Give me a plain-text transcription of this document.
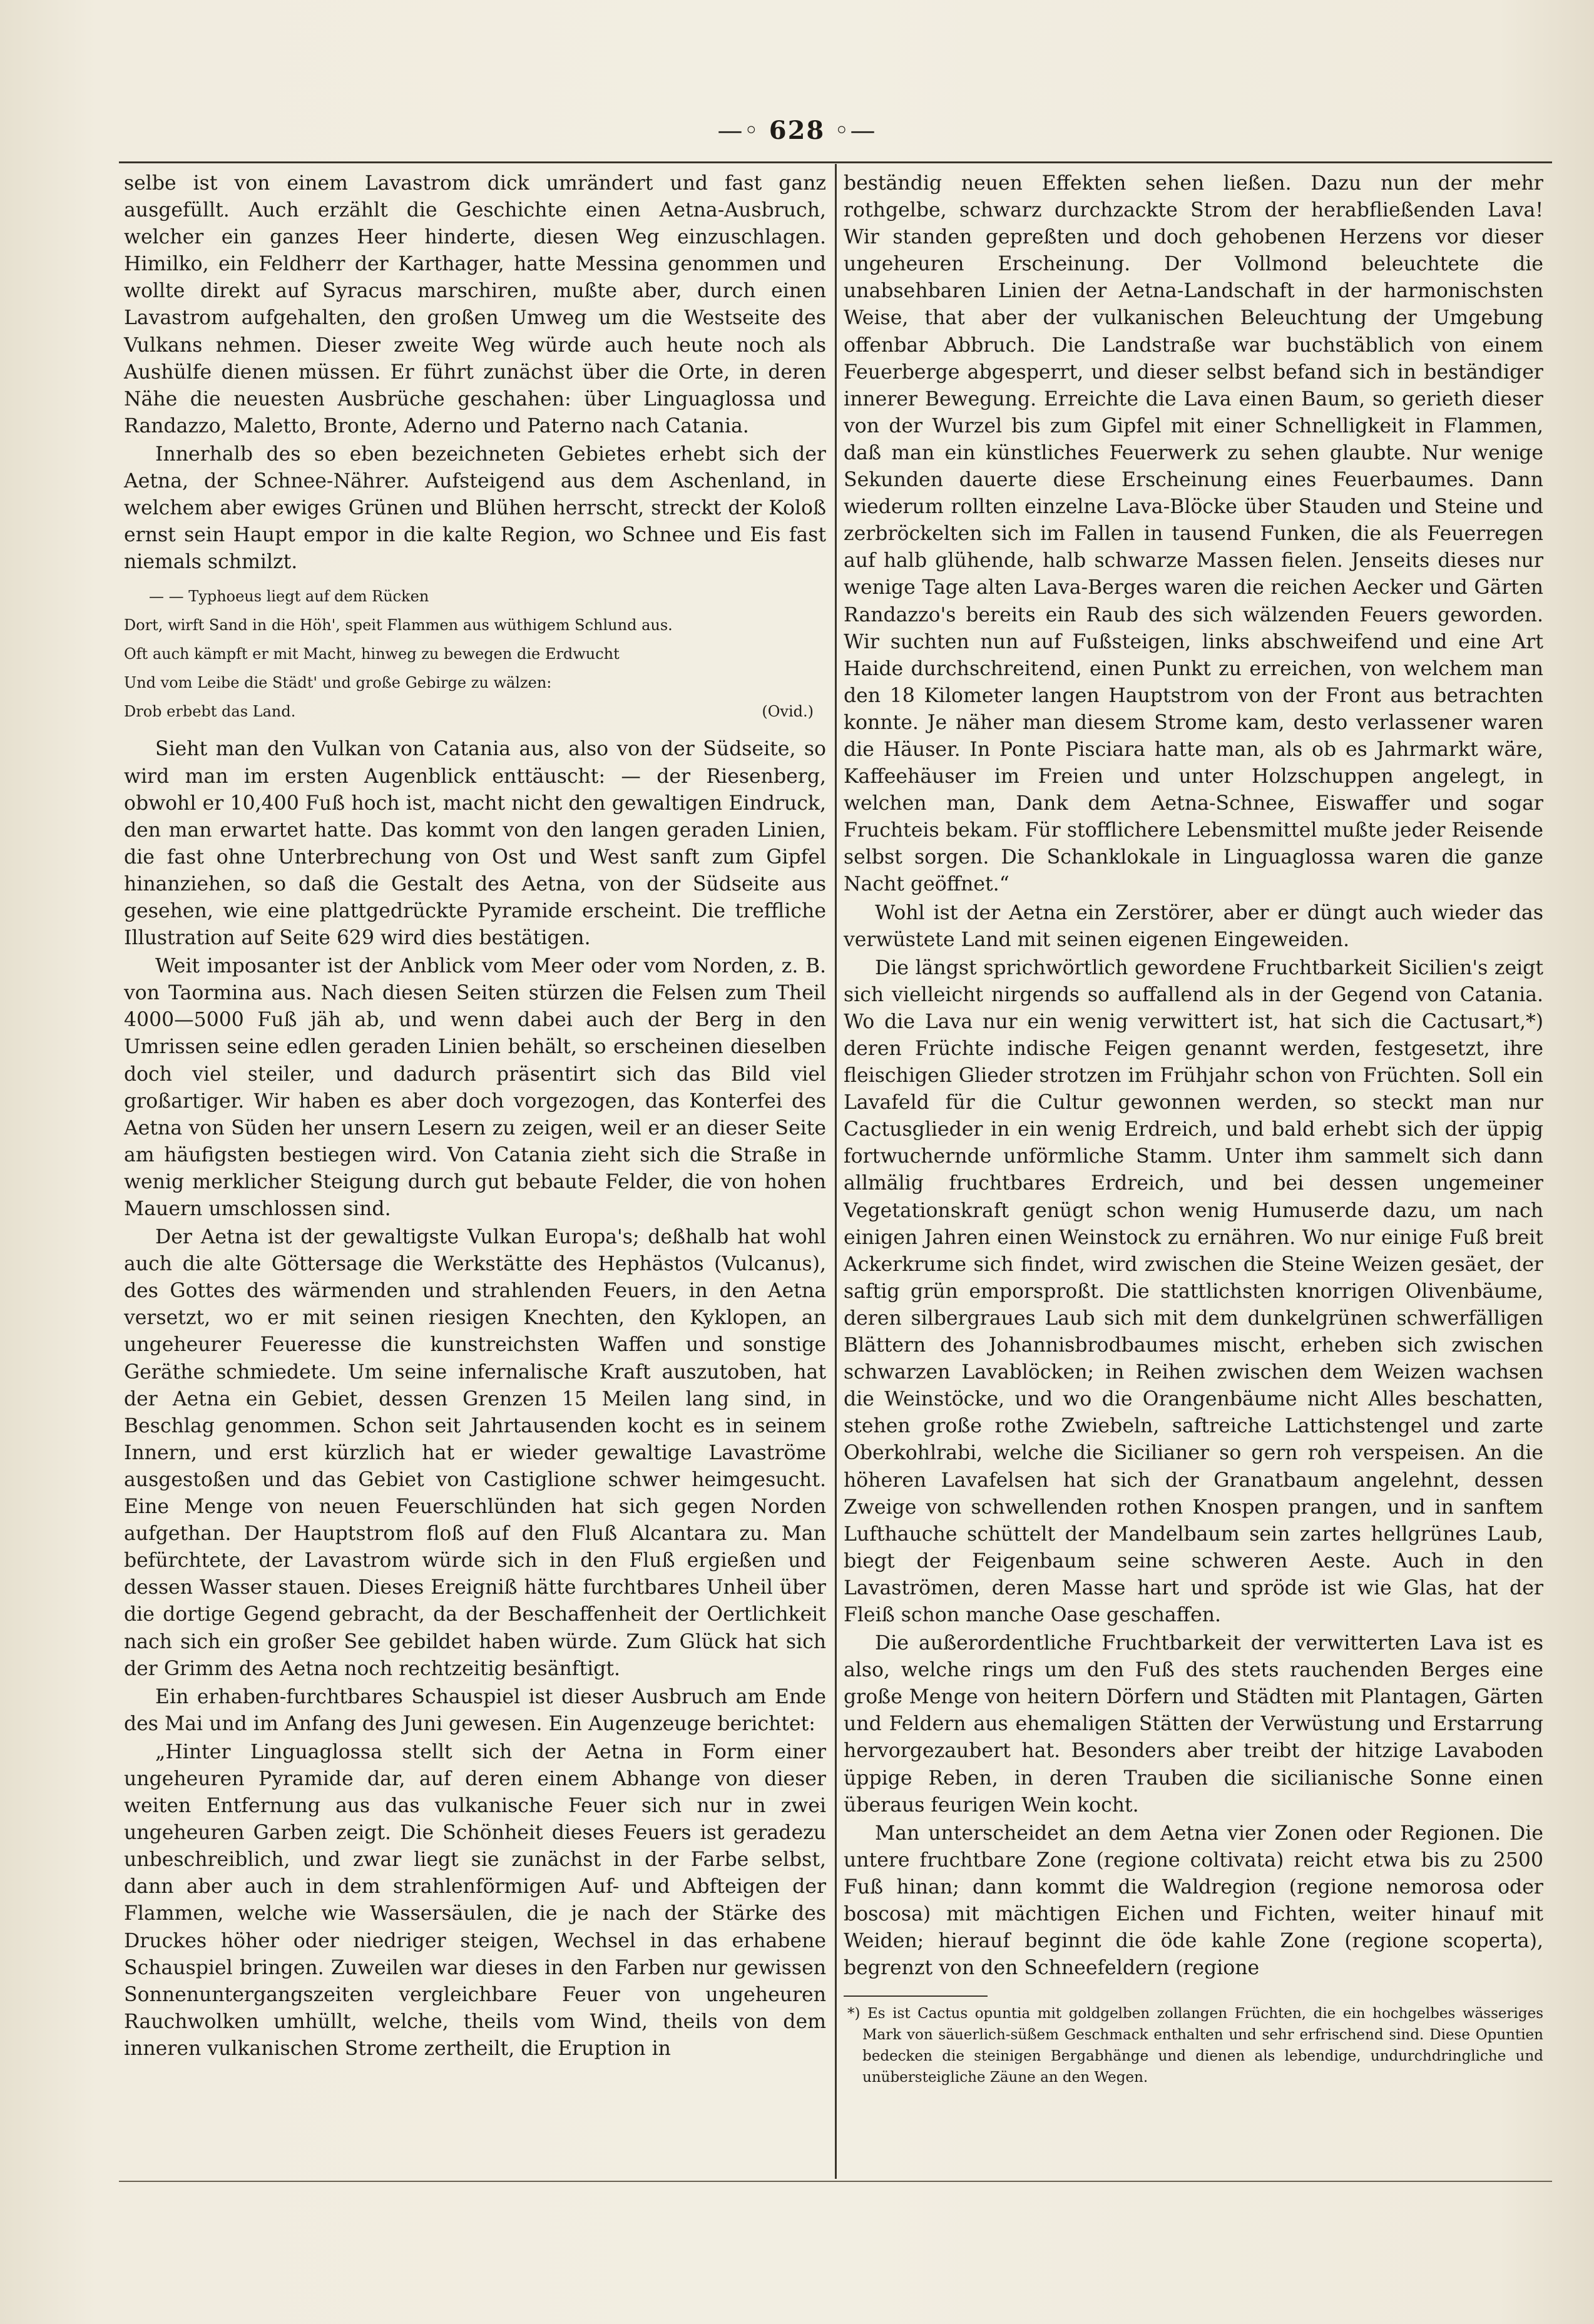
—◦ 628 ◦—

selbe ist von einem Lavastrom dick umrändert und fast ganz ausgefüllt. Auch erzählt die Geschichte einen Aetna-Ausbruch, welcher ein ganzes Heer hinderte, diesen Weg einzuschlagen. Himilko, ein Feldherr der Karthager, hatte Messina genommen und wollte direkt auf Syracus marschiren, mußte aber, durch einen Lavastrom aufgehalten, den großen Umweg um die Westseite des Vulkans nehmen. Dieser zweite Weg würde auch heute noch als Aushülfe dienen müssen. Er führt zunächst über die Orte, in deren Nähe die neuesten Ausbrüche geschahen: über Linguaglossa und Randazzo, Maletto, Bronte, Aderno und Paterno nach Catania.

Innerhalb des so eben bezeichneten Gebietes erhebt sich der Aetna, der Schnee-Nährer. Aufsteigend aus dem Aschenland, in welchem aber ewiges Grünen und Blühen herrscht, streckt der Koloß ernst sein Haupt empor in die kalte Region, wo Schnee und Eis fast niemals schmilzt.

— — Typhoeus liegt auf dem Rücken
Dort, wirft Sand in die Höh', speit Flammen aus wüthigem Schlund aus.
Oft auch kämpft er mit Macht, hinweg zu bewegen die Erdwucht
Und vom Leibe die Städt' und große Gebirge zu wälzen:
Drob erbebt das Land.	(Ovid.)

Sieht man den Vulkan von Catania aus, also von der Südseite, so wird man im ersten Augenblick enttäuscht: — der Riesenberg, obwohl er 10,400 Fuß hoch ist, macht nicht den gewaltigen Eindruck, den man erwartet hatte. Das kommt von den langen geraden Linien, die fast ohne Unterbrechung von Ost und West sanft zum Gipfel hinanziehen, so daß die Gestalt des Aetna, von der Südseite aus gesehen, wie eine plattgedrückte Pyramide erscheint. Die treffliche Illustration auf Seite 629 wird dies bestätigen.

Weit imposanter ist der Anblick vom Meer oder vom Norden, z. B. von Taormina aus. Nach diesen Seiten stürzen die Felsen zum Theil 4000—5000 Fuß jäh ab, und wenn dabei auch der Berg in den Umrissen seine edlen geraden Linien behält, so erscheinen dieselben doch viel steiler, und dadurch präsentirt sich das Bild viel großartiger. Wir haben es aber doch vorgezogen, das Konterfei des Aetna von Süden her unsern Lesern zu zeigen, weil er an dieser Seite am häufigsten bestiegen wird. Von Catania zieht sich die Straße in wenig merklicher Steigung durch gut bebaute Felder, die von hohen Mauern umschlossen sind.

Der Aetna ist der gewaltigste Vulkan Europa's; deßhalb hat wohl auch die alte Göttersage die Werkstätte des Hephästos (Vulcanus), des Gottes des wärmenden und strahlenden Feuers, in den Aetna versetzt, wo er mit seinen riesigen Knechten, den Kyklopen, an ungeheurer Feueresse die kunstreichsten Waffen und sonstige Geräthe schmiedete. Um seine infernalische Kraft auszutoben, hat der Aetna ein Gebiet, dessen Grenzen 15 Meilen lang sind, in Beschlag genommen. Schon seit Jahrtausenden kocht es in seinem Innern, und erst kürzlich hat er wieder gewaltige Lavaströme ausgestoßen und das Gebiet von Castiglione schwer heimgesucht. Eine Menge von neuen Feuerschlünden hat sich gegen Norden aufgethan. Der Hauptstrom floß auf den Fluß Alcantara zu. Man befürchtete, der Lavastrom würde sich in den Fluß ergießen und dessen Wasser stauen. Dieses Ereigniß hätte furchtbares Unheil über die dortige Gegend gebracht, da der Beschaffenheit der Oertlichkeit nach sich ein großer See gebildet haben würde. Zum Glück hat sich der Grimm des Aetna noch rechtzeitig besänftigt.

Ein erhaben-furchtbares Schauspiel ist dieser Ausbruch am Ende des Mai und im Anfang des Juni gewesen. Ein Augenzeuge berichtet:

„Hinter Linguaglossa stellt sich der Aetna in Form einer ungeheuren Pyramide dar, auf deren einem Abhange von dieser weiten Entfernung aus das vulkanische Feuer sich nur in zwei ungeheuren Garben zeigt. Die Schönheit dieses Feuers ist geradezu unbeschreiblich, und zwar liegt sie zunächst in der Farbe selbst, dann aber auch in dem strahlenförmigen Auf- und Abfteigen der Flammen, welche wie Wassersäulen, die je nach der Stärke des Druckes höher oder niedriger steigen, Wechsel in das erhabene Schauspiel bringen. Zuweilen war dieses in den Farben nur gewissen Sonnenuntergangszeiten vergleichbare Feuer von ungeheuren Rauchwolken umhüllt, welche, theils vom Wind, theils von dem inneren vulkanischen Strome zertheilt, die Eruption in

beständig neuen Effekten sehen ließen. Dazu nun der mehr rothgelbe, schwarz durchzackte Strom der herabfließenden Lava! Wir standen gepreßten und doch gehobenen Herzens vor dieser ungeheuren Erscheinung. Der Vollmond beleuchtete die unabsehbaren Linien der Aetna-Landschaft in der harmonischsten Weise, that aber der vulkanischen Beleuchtung der Umgebung offenbar Abbruch. Die Landstraße war buchstäblich von einem Feuerberge abgesperrt, und dieser selbst befand sich in beständiger innerer Bewegung. Erreichte die Lava einen Baum, so gerieth dieser von der Wurzel bis zum Gipfel mit einer Schnelligkeit in Flammen, daß man ein künstliches Feuerwerk zu sehen glaubte. Nur wenige Sekunden dauerte diese Erscheinung eines Feuerbaumes. Dann wiederum rollten einzelne Lava-Blöcke über Stauden und Steine und zerbröckelten sich im Fallen in tausend Funken, die als Feuerregen auf halb glühende, halb schwarze Massen fielen. Jenseits dieses nur wenige Tage alten Lava-Berges waren die reichen Aecker und Gärten Randazzo's bereits ein Raub des sich wälzenden Feuers geworden. Wir suchten nun auf Fußsteigen, links abschweifend und eine Art Haide durchschreitend, einen Punkt zu erreichen, von welchem man den 18 Kilometer langen Hauptstrom von der Front aus betrachten konnte. Je näher man diesem Strome kam, desto verlassener waren die Häuser. In Ponte Pisciara hatte man, als ob es Jahrmarkt wäre, Kaffeehäuser im Freien und unter Holzschuppen angelegt, in welchen man, Dank dem Aetna-Schnee, Eiswaffer und sogar Fruchteis bekam. Für stofflichere Lebensmittel mußte jeder Reisende selbst sorgen. Die Schanklokale in Linguaglossa waren die ganze Nacht geöffnet.“

Wohl ist der Aetna ein Zerstörer, aber er düngt auch wieder das verwüstete Land mit seinen eigenen Eingeweiden.

Die längst sprichwörtlich gewordene Fruchtbarkeit Sicilien's zeigt sich vielleicht nirgends so auffallend als in der Gegend von Catania. Wo die Lava nur ein wenig verwittert ist, hat sich die Cactusart,*) deren Früchte indische Feigen genannt werden, festgesetzt, ihre fleischigen Glieder strotzen im Frühjahr schon von Früchten. Soll ein Lavafeld für die Cultur gewonnen werden, so steckt man nur Cactusglieder in ein wenig Erdreich, und bald erhebt sich der üppig fortwuchernde unförmliche Stamm. Unter ihm sammelt sich dann allmälig fruchtbares Erdreich, und bei dessen ungemeiner Vegetationskraft genügt schon wenig Humuserde dazu, um nach einigen Jahren einen Weinstock zu ernähren. Wo nur einige Fuß breit Ackerkrume sich findet, wird zwischen die Steine Weizen gesäet, der saftig grün emporsproßt. Die stattlichsten knorrigen Olivenbäume, deren silbergraues Laub sich mit dem dunkelgrünen schwerfälligen Blättern des Johannisbrodbaumes mischt, erheben sich zwischen schwarzen Lavablöcken; in Reihen zwischen dem Weizen wachsen die Weinstöcke, und wo die Orangenbäume nicht Alles beschatten, stehen große rothe Zwiebeln, saftreiche Lattichstengel und zarte Oberkohlrabi, welche die Sicilianer so gern roh verspeisen. An die höheren Lavafelsen hat sich der Granatbaum angelehnt, dessen Zweige von schwellenden rothen Knospen prangen, und in sanftem Lufthauche schüttelt der Mandelbaum sein zartes hellgrünes Laub, biegt der Feigenbaum seine schweren Aeste. Auch in den Lavaströmen, deren Masse hart und spröde ist wie Glas, hat der Fleiß schon manche Oase geschaffen.

Die außerordentliche Fruchtbarkeit der verwitterten Lava ist es also, welche rings um den Fuß des stets rauchenden Berges eine große Menge von heitern Dörfern und Städten mit Plantagen, Gärten und Feldern aus ehemaligen Stätten der Verwüstung und Erstarrung hervorgezaubert hat. Besonders aber treibt der hitzige Lavaboden üppige Reben, in deren Trauben die sicilianische Sonne einen überaus feurigen Wein kocht.

Man unterscheidet an dem Aetna vier Zonen oder Regionen. Die untere fruchtbare Zone (regione coltivata) reicht etwa bis zu 2500 Fuß hinan; dann kommt die Waldregion (regione nemorosa oder boscosa) mit mächtigen Eichen und Fichten, weiter hinauf mit Weiden; hierauf beginnt die öde kahle Zone (regione scoperta), begrenzt von den Schneefeldern (regione

*) Es ist Cactus opuntia mit goldgelben zollangen Früchten, die ein hochgelbes wässeriges Mark von säuerlich-süßem Geschmack enthalten und sehr erfrischend sind. Diese Opuntien bedecken die steinigen Bergabhänge und dienen als lebendige, undurchdringliche und unübersteigliche Zäune an den Wegen.
